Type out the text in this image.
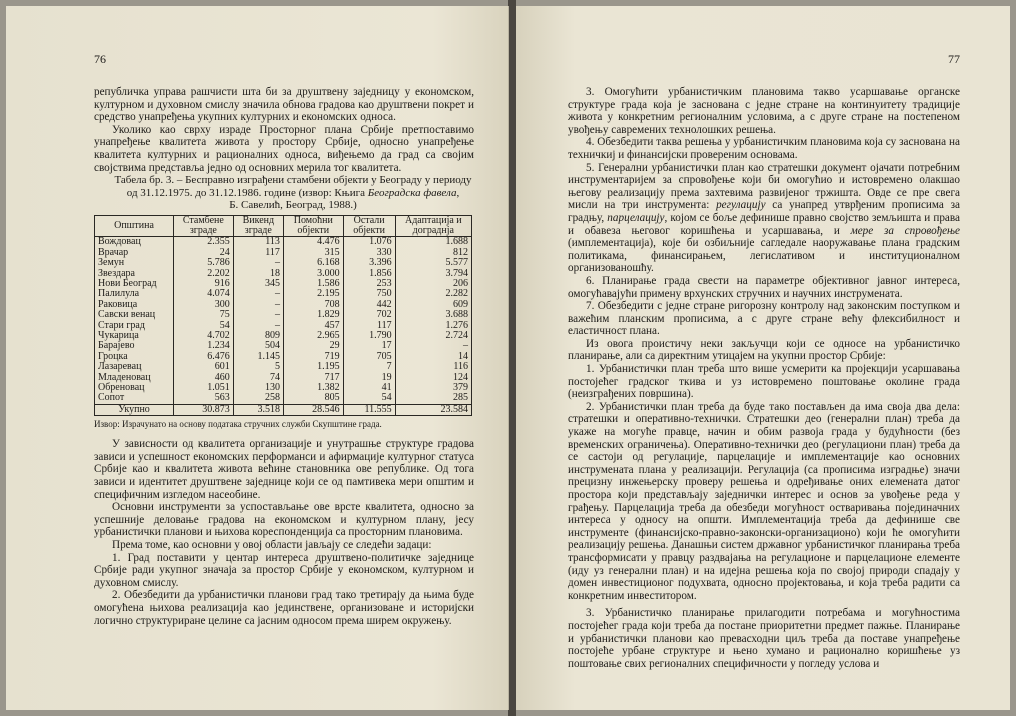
76

републичка управа рашчисти шта би за друштвену заједницу у економском, културном и духовном смислу значила обнова градова као друштвени покрет и средство унапређења укупних културних и економских односа.

Уколико као сврху израде Просторног плана Србије претпоставимо унапређење квалитета живота у простору Србије, односно унапређење квалитета културних и рационалних односа, виђењемо да град са својим својствима представља једно од основних мерила тог квалитета.

Табела бр. 3. – Беспрaвно изграђени стамбени објекти у Београду у периоду

од 31.12.1975. до 31.12.1986. године (извор: Књига Београдска фавела,

Б. Савелић, Београд, 1988.)

Општина	Стамбене зграде	Викенд зграде	Помоћни објекти	Остали објекти	Адаптација и дограднја
Вождовац	2.355	113	4.476	1.076	1.688
Врачар	24	117	315	330	812
Земун	5.786	–	6.168	3.396	5.577
Звездара	2.202	18	3.000	1.856	3.794
Нови Београд	916	345	1.586	253	206
Палилула	4.074	–	2.195	750	2.282
Раковица	300	–	708	442	609
Савски венац	75	–	1.829	702	3.688
Стари град	54	–	457	117	1.276
Чукарица	4.702	809	2.965	1.790	2.724
Барајево	1.234	504	29	17	–
Гроцка	6.476	1.145	719	705	14
Лазаревац	601	5	1.195	7	116
Младеновац	460	74	717	19	124
Обреновац	1.051	130	1.382	41	379
Сопот	563	258	805	54	285
Укупно	30.873	3.518	28.546	11.555	23.584
Извор: Израчунато на основу података стручних служби Скупштине града.

У зависности од квалитета организације и унутрашње структуре градова зависи и успешност економских перформанси и афирмације културног статуса Србије као и квалитета живота већине становника ове републике. Од тога зависи и идентитет друштвене заједнице који се од памтивека мери општим и специфичним изгледом насеобине.

Основни инструменти за успостављање ове врсте квалитета, односно за успешније деловање градова на економском и културном плану, јесу урбанистички планови и њихова кореспонденција са просторним плановима.

Према томе, као основни у овој области јављају се следећи задаци:

1. Град поставити у центар интереса друштвено-политичке заједнице Србије ради укупног значаја за простор Србије у економском, културном и духовном смислу.

2. Обезбедити да урбанистички планови град тако третирају да њима буде омогућена њихова реализација као јединствене, организоване и историјски логично структуриране целине са јасним односом према ширем окружењу.

77

3. Омогућити урбанистичким плановима такво усаршавање органске структуре града која је заснована с једне стране на континуитету традиције живота у конкретним регионалним условима, а с друге стране на постепеном увођењу савремених технолошких решења.

4. Обезбедити таква решења у урбанистичким плановима која су заснована на техничкиј и финансијски провереним основама.

5. Генерални урбанистички план као стратешки документ ојачати потребним инструментаријем за спровођење који би омогућио и истовремено олакшао његову реализацију према захтевима развијеног тржишта. Овде се пре свега мисли на три инструмента: регулацију са унапред утврђеним прописима за градњу, парцелацију, којом се боље дефинише правно својство земљишта и права и обавеза његовог коришћења и усаршавања, и мере за спровођење (имплементација), које би озбиљније сагледале наоружавање плана градским политикама, финансирањем, легислативом и институционалном организованошћу.

6. Планирање града свести на параметре објективног јавног интереса, омогућавајући примену врхунских стручних и научних инструмената.

7. Обезбедити с једне стране ригорозну контролу над законским поступком и важећим планским прописима, а с друге стране већу флексибилност и еластичност плана.

Из овога проистичу неки закључци који се односе на урбанистичко планирање, али са директним утицајем на укупни простор Србије:

1. Урбанистички план треба што више усмерити ка пројекцији усаршавања постојећег градског ткива и уз истовремено поштовање околине града (неизграђених површина).

2. Урбанистички план треба да буде тако постављен да има своја два дела: стратешки и оперативно-технички. Стратешки део (генерални план) треба да укаже на могуће правце, начин и обим развоја града у будућности (без временских ограничења). Оперативно-технички део (регулациони план) треба да се састоји од регулације, парцелације и имплементације као основних инструмената плана у реализацији. Регулација (са прописима изградње) значи прецизну инжењерску проверу решења и одређивање оних елемената датог простора који представљају заједнички интерес и основ за увођење реда у грађењу. Парцелација треба да обезбеди могућност остваривања појединачних интереса у односу на општи. Имплементација треба да дефинише све инструменте (финансијско-правно-законски-организационо) који ће омогућити реализацију решења. Данашњи систем државног урбанистичког планирања треба трансформисати у правцу раздвајања на регулационе и парцелационе елементе (иду уз генерални план) и на идејна решења која по својој природи спадају у домен инвестиционог подухвата, односно пројектовања, и која треба радити са конкретним инвеститором.

3. Урбанистичко планирање прилагодити потребама и могућностима постојећег града који треба да постане приоритетни предмет пажње. Планирање и урбанистички планови као превасходни циљ треба да поставе унапређење постојеће урбане структуре и њено хумано и рационално коришћење уз поштовање свих регионалних специфичности у погледу услова и
